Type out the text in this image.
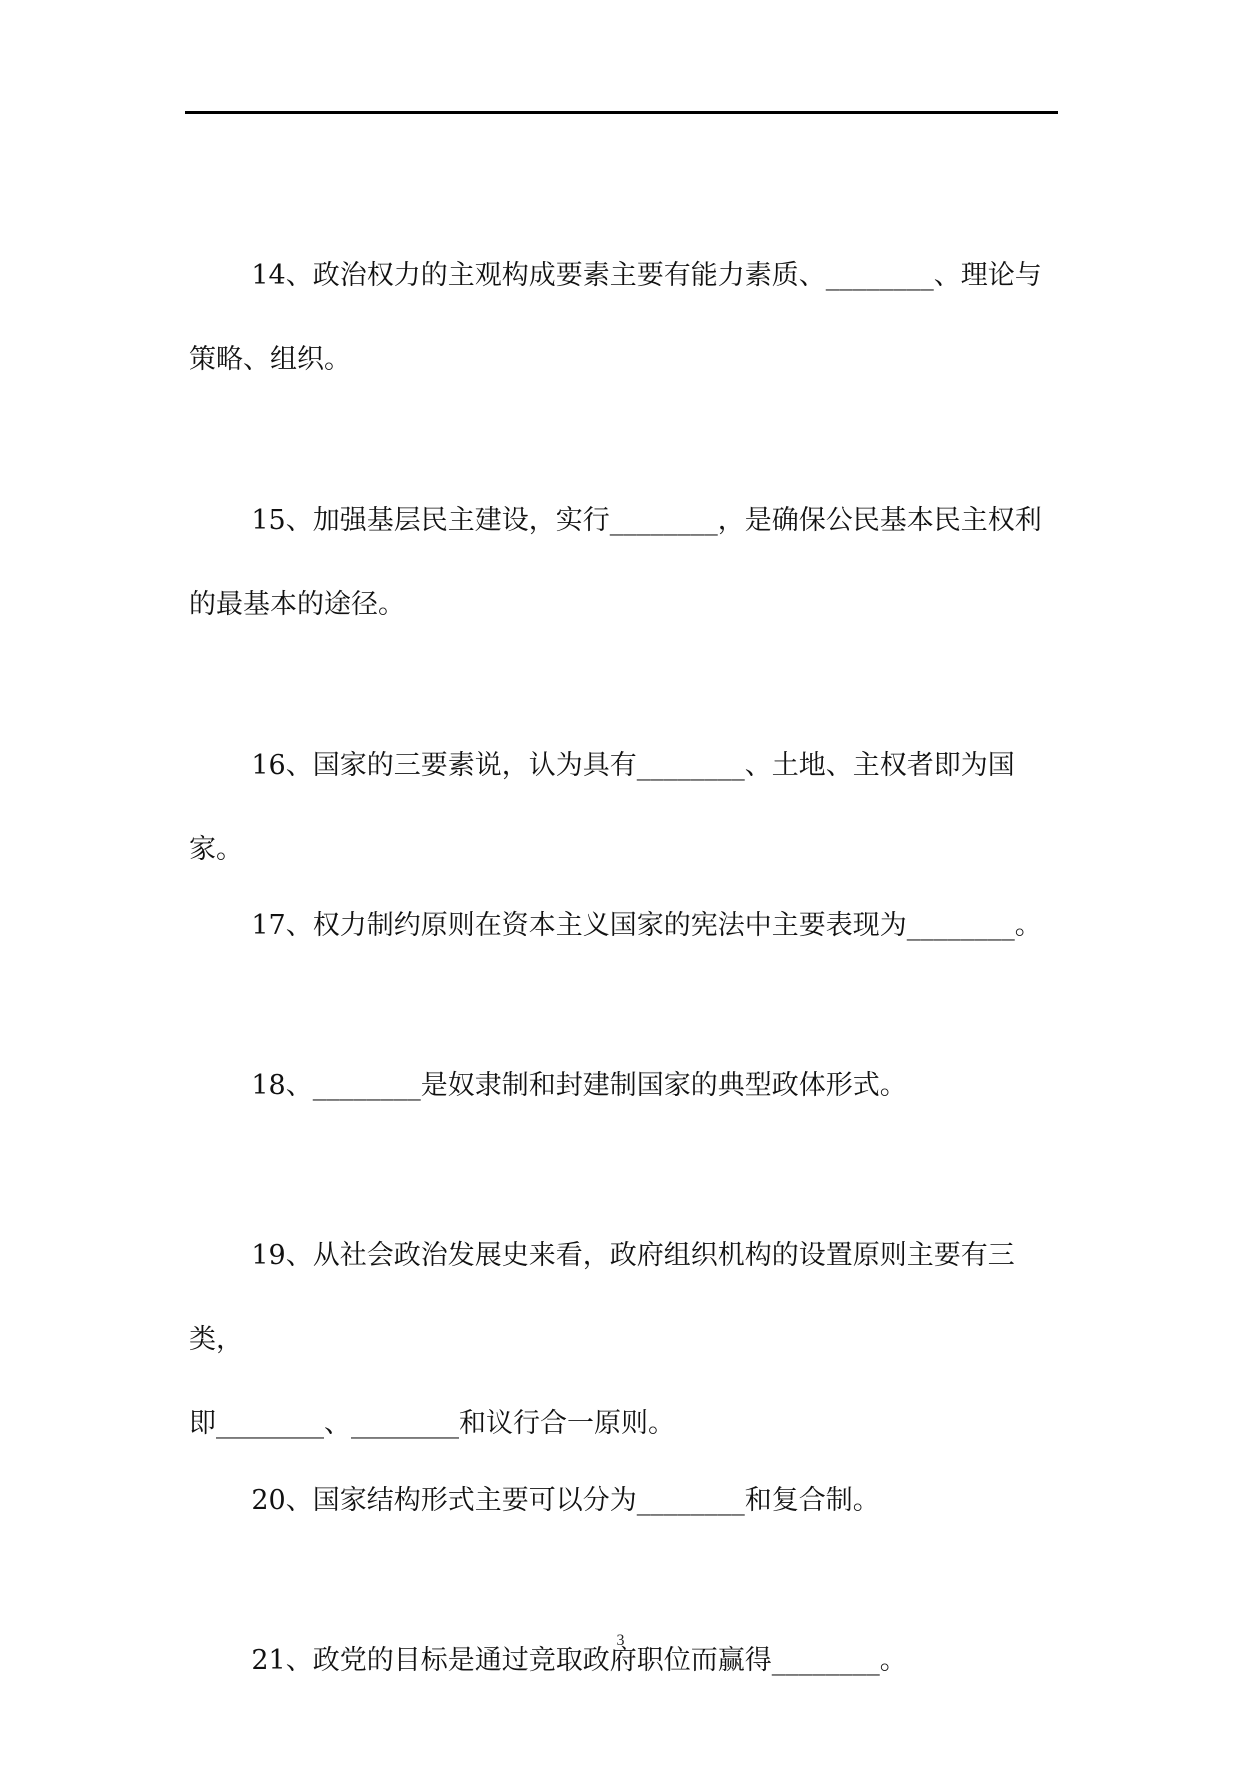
14、政治权力的主观构成要素主要有能力素质、________、理论与
策略、组织。

15、加强基层民主建设，实行________，是确保公民基本民主权利
的最基本的途径。

16、国家的三要素说，认为具有________、土地、主权者即为国家。

17、权力制约原则在资本主义国家的宪法中主要表现为________。

18、________是奴隶制和封建制国家的典型政体形式。

19、从社会政治发展史来看，政府组织机构的设置原则主要有三类，
即________、________和议行合一原则。

20、国家结构形式主要可以分为________和复合制。

21、政党的目标是通过竞取政府职位而赢得________。

3
